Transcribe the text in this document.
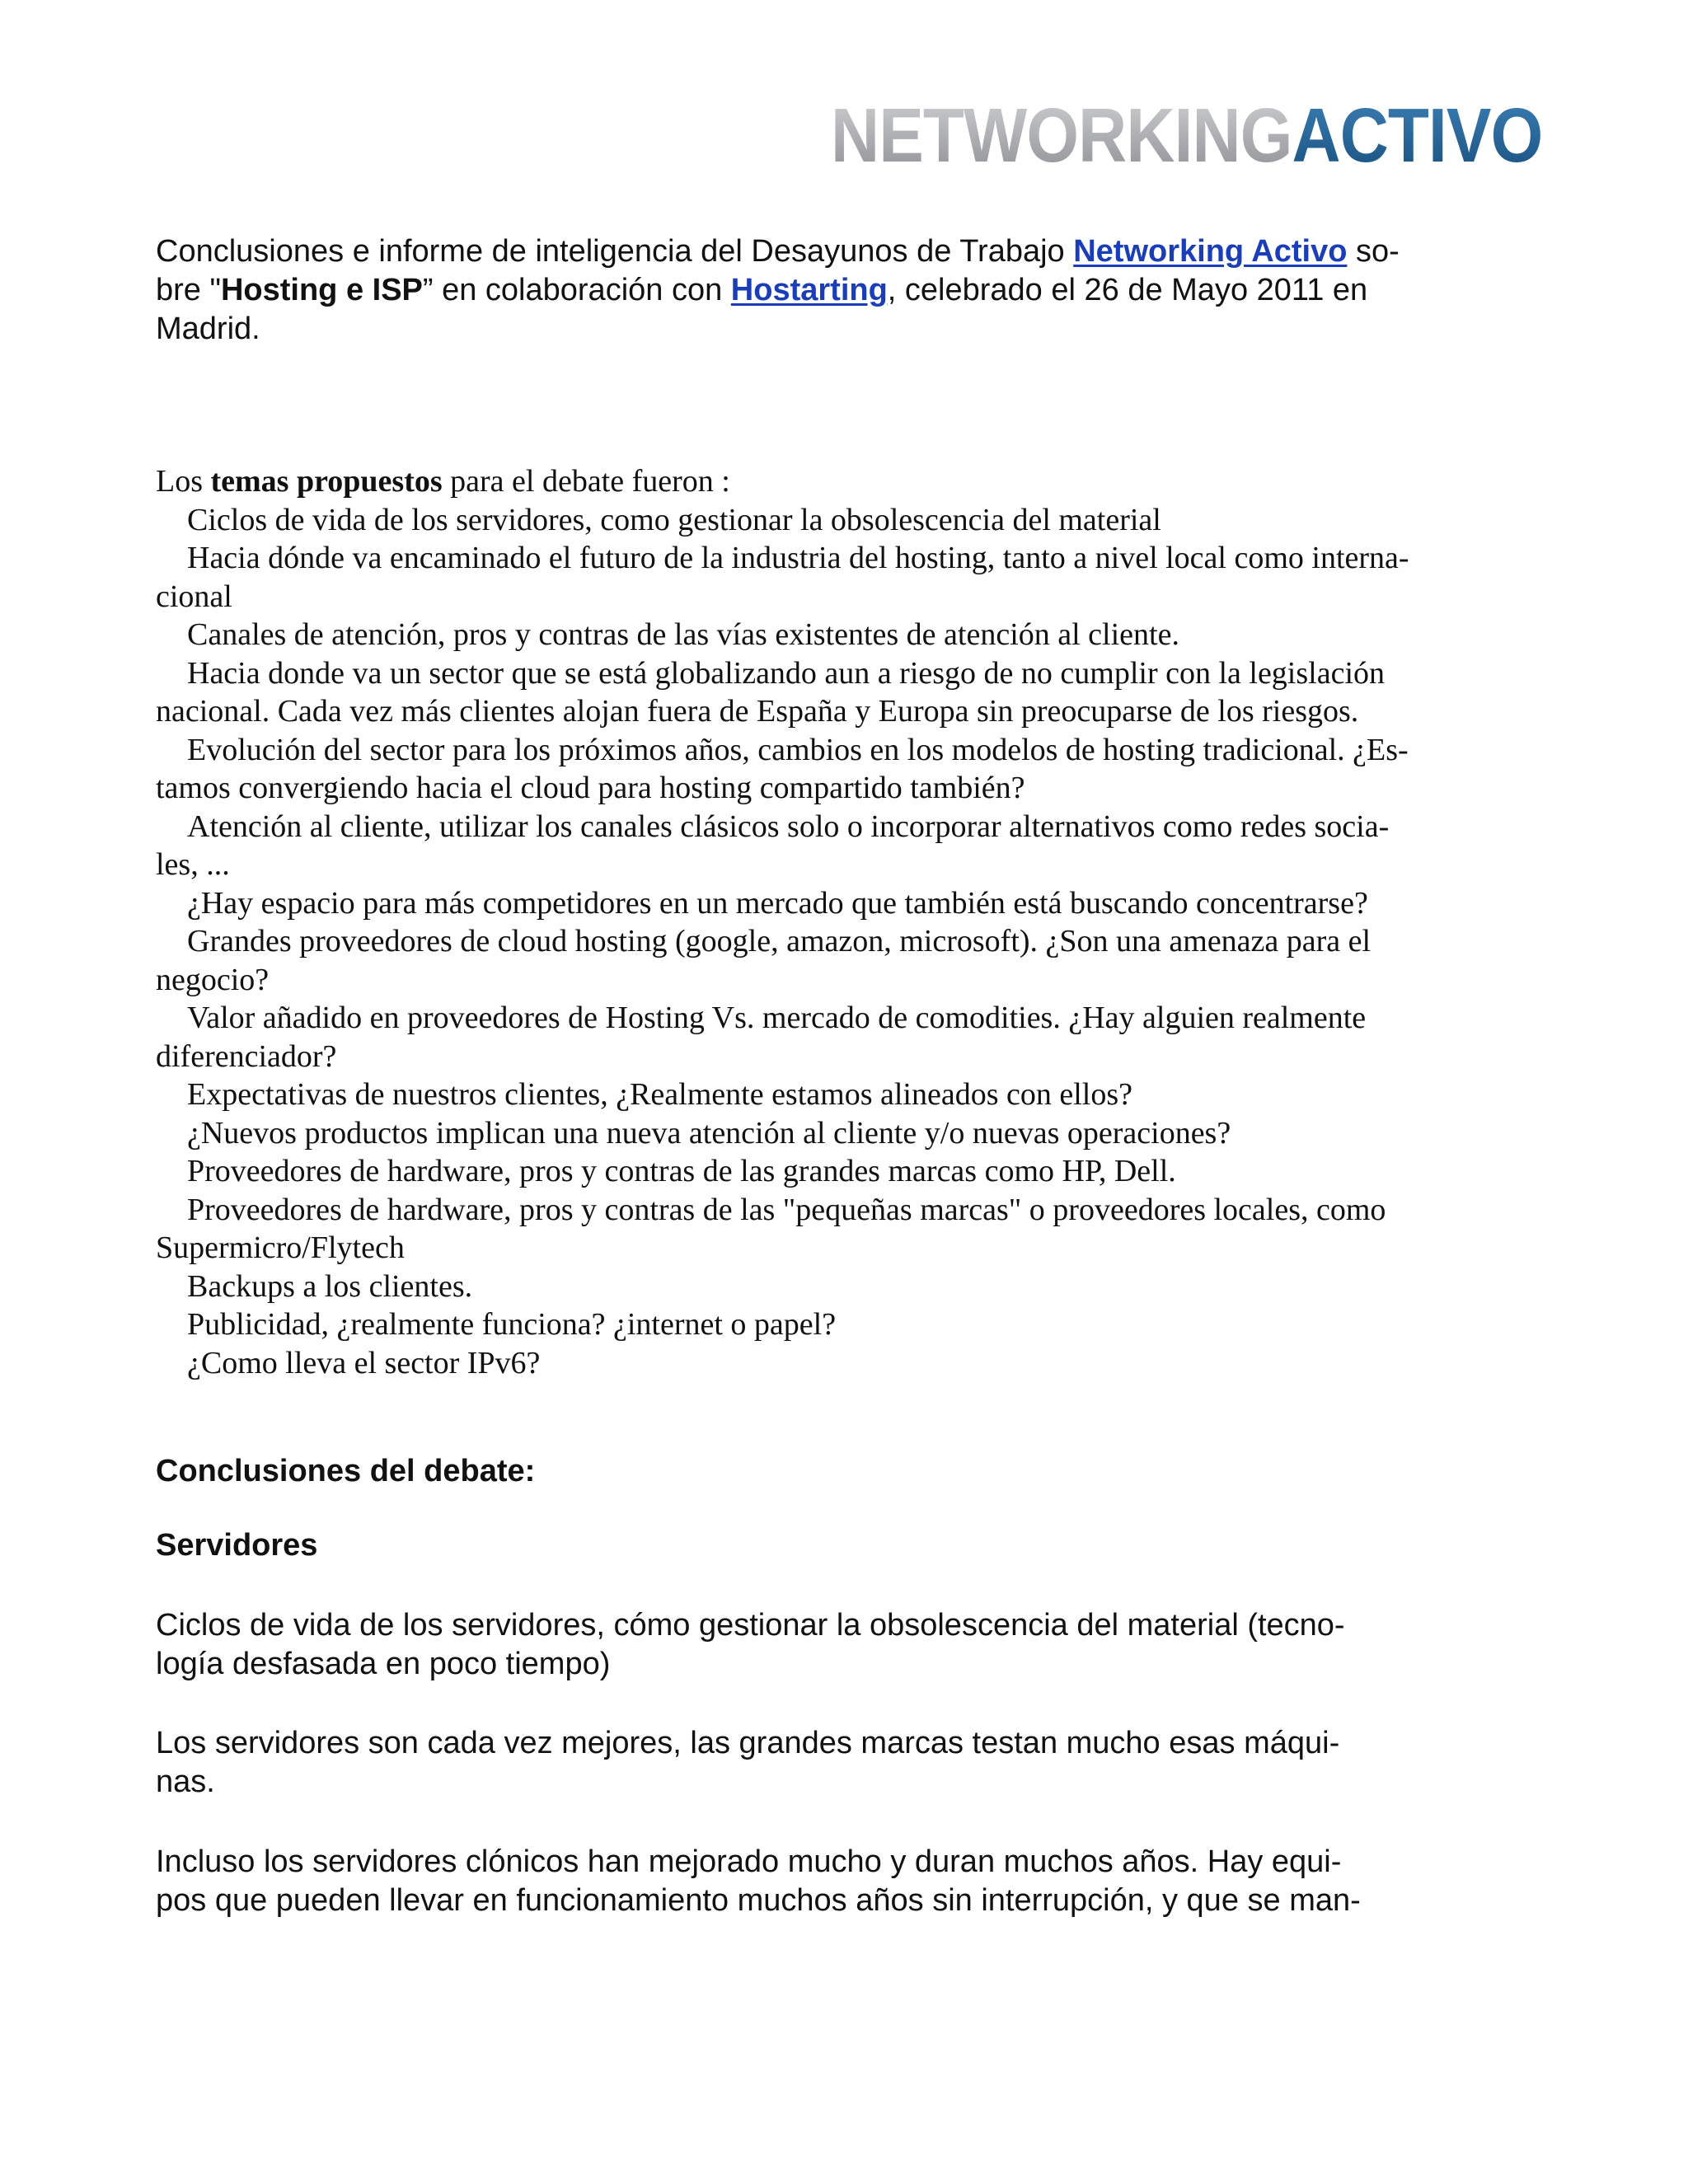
NETWORKINGACTIVO
Conclusiones e informe de inteligencia del Desayunos de Trabajo Networking Activo so-
bre "Hosting e ISP” en colaboración con Hostarting, celebrado el 26 de Mayo 2011 en
Madrid.
Los temas propuestos para el debate fueron :
Ciclos de vida de los servidores, como gestionar la obsolescencia del material
Hacia dónde va encaminado el futuro de la industria del hosting, tanto a nivel local como interna-
cional
Canales de atención, pros y contras de las vías existentes de atención al cliente.
Hacia donde va un sector que se está globalizando aun a riesgo de no cumplir con la legislación
nacional. Cada vez más clientes alojan fuera de España y Europa sin preocuparse de los riesgos.
Evolución del sector para los próximos años, cambios en los modelos de hosting tradicional. ¿Es-
tamos convergiendo hacia el cloud para hosting compartido también?
Atención al cliente, utilizar los canales clásicos solo o incorporar alternativos como redes socia-
les, ...
¿Hay espacio para más competidores en un mercado que también está buscando concentrarse?
Grandes proveedores de cloud hosting (google, amazon, microsoft). ¿Son una amenaza para el
negocio?
Valor añadido en proveedores de Hosting Vs. mercado de comodities. ¿Hay alguien realmente
diferenciador?
Expectativas de nuestros clientes, ¿Realmente estamos alineados con ellos?
¿Nuevos productos implican una nueva atención al cliente y/o nuevas operaciones?
Proveedores de hardware, pros y contras de las grandes marcas como HP, Dell.
Proveedores de hardware, pros y contras de las "pequeñas marcas" o proveedores locales, como
Supermicro/Flytech
Backups a los clientes.
Publicidad, ¿realmente funciona? ¿internet o papel?
¿Como lleva el sector IPv6?
Conclusiones del debate:
Servidores
Ciclos de vida de los servidores, cómo gestionar la obsolescencia del material (tecno-
logía desfasada en poco tiempo)
Los servidores son cada vez mejores, las grandes marcas testan mucho esas máqui-
nas.
Incluso los servidores clónicos han mejorado mucho y duran muchos años. Hay equi-
pos que pueden llevar en funcionamiento muchos años sin interrupción, y que se man-
